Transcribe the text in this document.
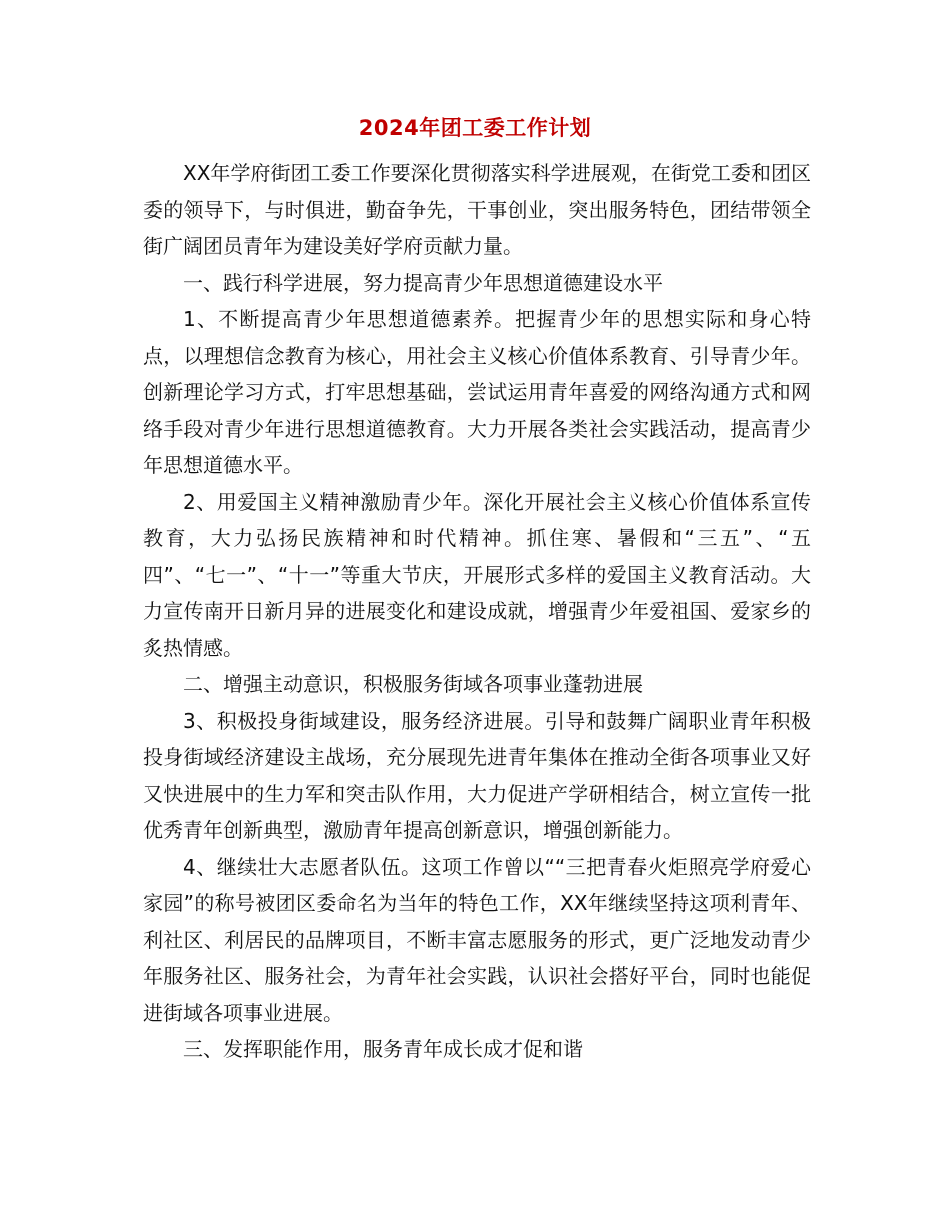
2024年团工委工作计划

XX年学府街团工委工作要深化贯彻落实科学进展观，在街党工委和团区委的领导下，与时俱进，勤奋争先，干事创业，突出服务特色，团结带领全街广阔团员青年为建设美好学府贡献力量。

一、践行科学进展，努力提高青少年思想道德建设水平

1、不断提高青少年思想道德素养。把握青少年的思想实际和身心特点，以理想信念教育为核心，用社会主义核心价值体系教育、引导青少年。创新理论学习方式，打牢思想基础，尝试运用青年喜爱的网络沟通方式和网络手段对青少年进行思想道德教育。大力开展各类社会实践活动，提高青少年思想道德水平。

2、用爱国主义精神激励青少年。深化开展社会主义核心价值体系宣传教育，大力弘扬民族精神和时代精神。抓住寒、暑假和“三五”、“五四”、“七一”、“十一”等重大节庆，开展形式多样的爱国主义教育活动。大力宣传南开日新月异的进展变化和建设成就，增强青少年爱祖国、爱家乡的炙热情感。

二、增强主动意识，积极服务街域各项事业蓬勃进展

3、积极投身街域建设，服务经济进展。引导和鼓舞广阔职业青年积极投身街域经济建设主战场，充分展现先进青年集体在推动全街各项事业又好又快进展中的生力军和突击队作用，大力促进产学研相结合，树立宣传一批优秀青年创新典型，激励青年提高创新意识，增强创新能力。

4、继续壮大志愿者队伍。这项工作曾以““三把青春火炬照亮学府爱心家园”的称号被团区委命名为当年的特色工作，XX年继续坚持这项利青年、利社区、利居民的品牌项目，不断丰富志愿服务的形式，更广泛地发动青少年服务社区、服务社会，为青年社会实践，认识社会搭好平台，同时也能促进街域各项事业进展。

三、发挥职能作用，服务青年成长成才促和谐
